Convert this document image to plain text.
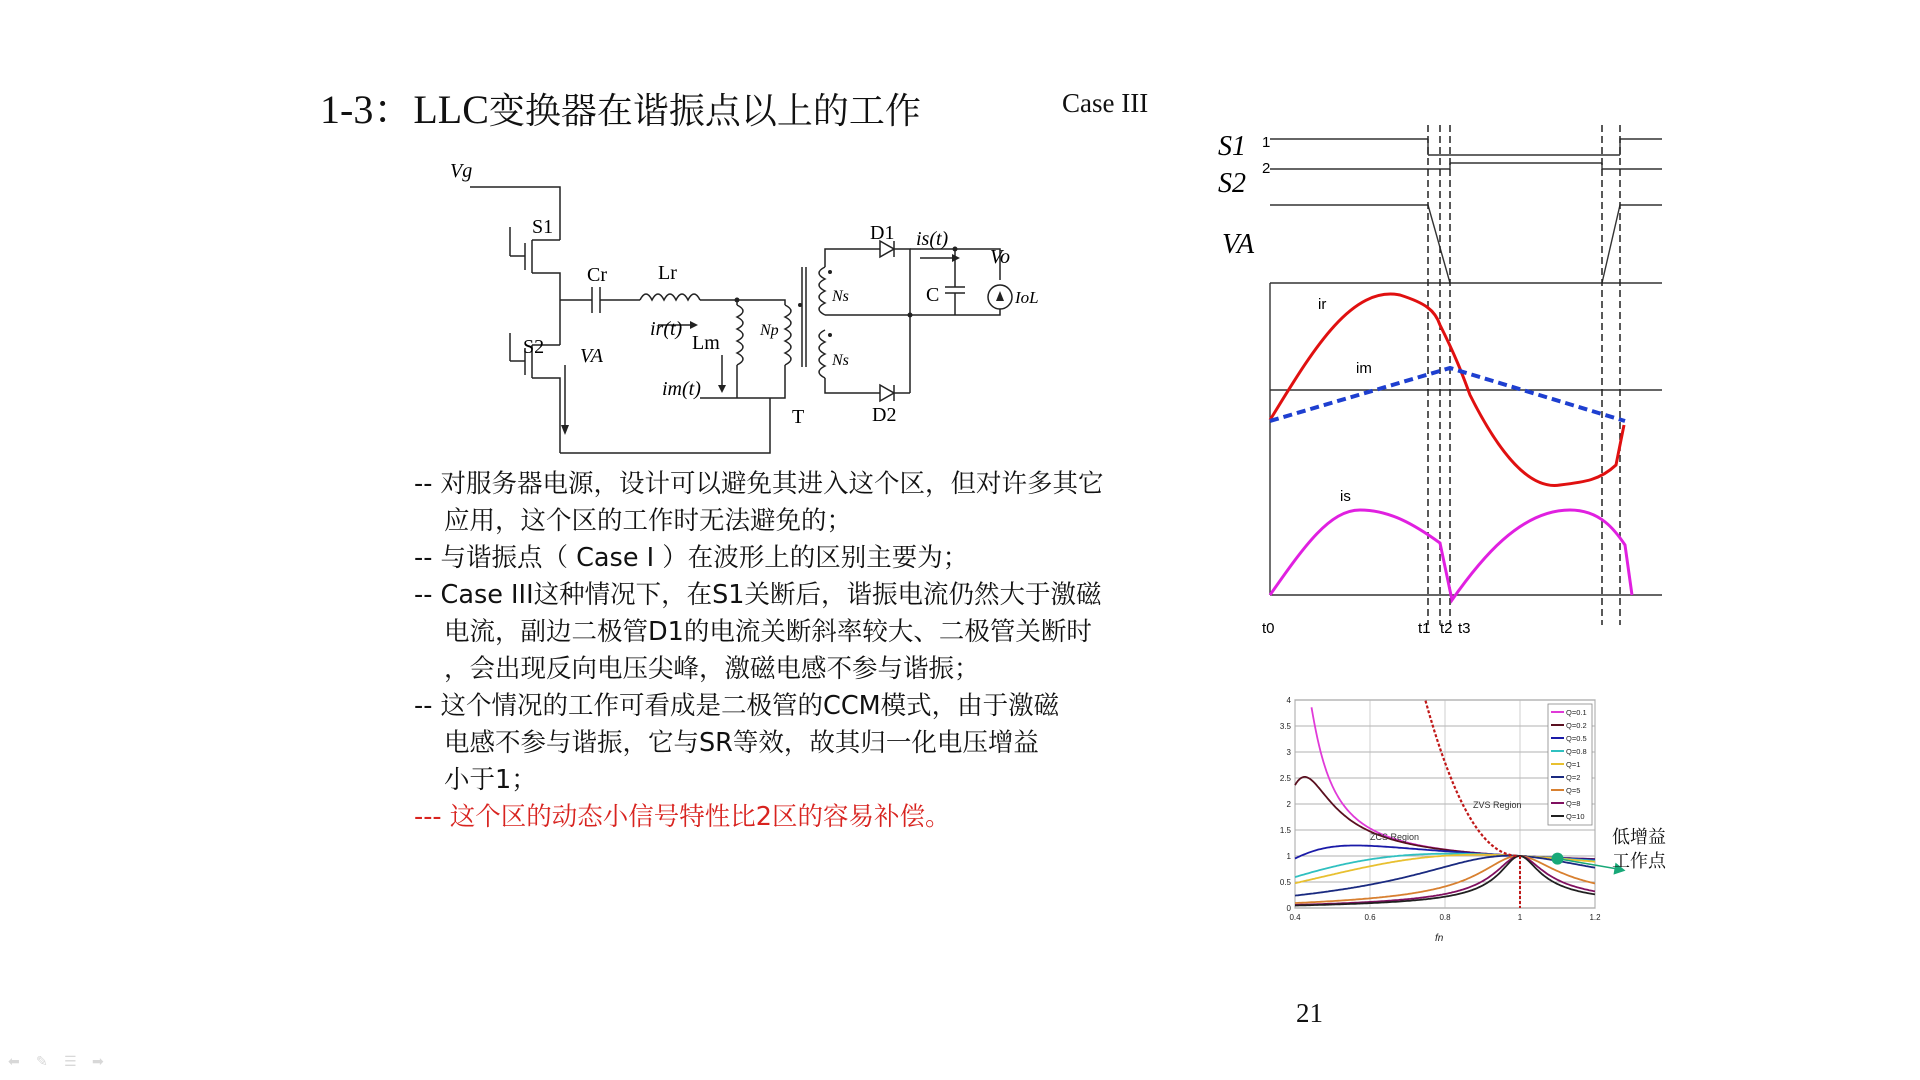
1-3：LLC变换器在谐振点以上的工作	Case III
Vg
S1
S2
Cr	Lr
ir(t)
Lm
VA
im(t)
Np
Ns
Ns
D1
D2
is(t)
Vo
C	IoL
T
-- 对服务器电源，设计可以避免其进入这个区，但对许多其它
应用，这个区的工作时无法避免的；
-- 与谐振点（ Case I ）在波形上的区别主要为；
-- Case III这种情况下，在S1关断后，谐振电流仍然大于激磁
电流，副边二极管D1的电流关断斜率较大、二极管关断时
，会出现反向电压尖峰，激磁电感不参与谐振；
-- 这个情况的工作可看成是二极管的CCM模式，由于激磁
电感不参与谐振，它与SR等效，故其归一化电压增益
小于1；
--- 这个区的动态小信号特性比2区的容易补偿。
S1
S2
VA
1
2
ir
im
is
t0	t1 t2 t3
0
0.5
1
1.5
2
2.5
3
3.5
4
0.4	0.6	0.8	1	1.2
Q=0.1
Q=0.2
Q=0.5
Q=0.8
Q=1
Q=2
Q=5
Q=8
Q=10
ZVS Region
ZCS Region
fn
低增益
工作点
21
⬅	✎	☰	➡
